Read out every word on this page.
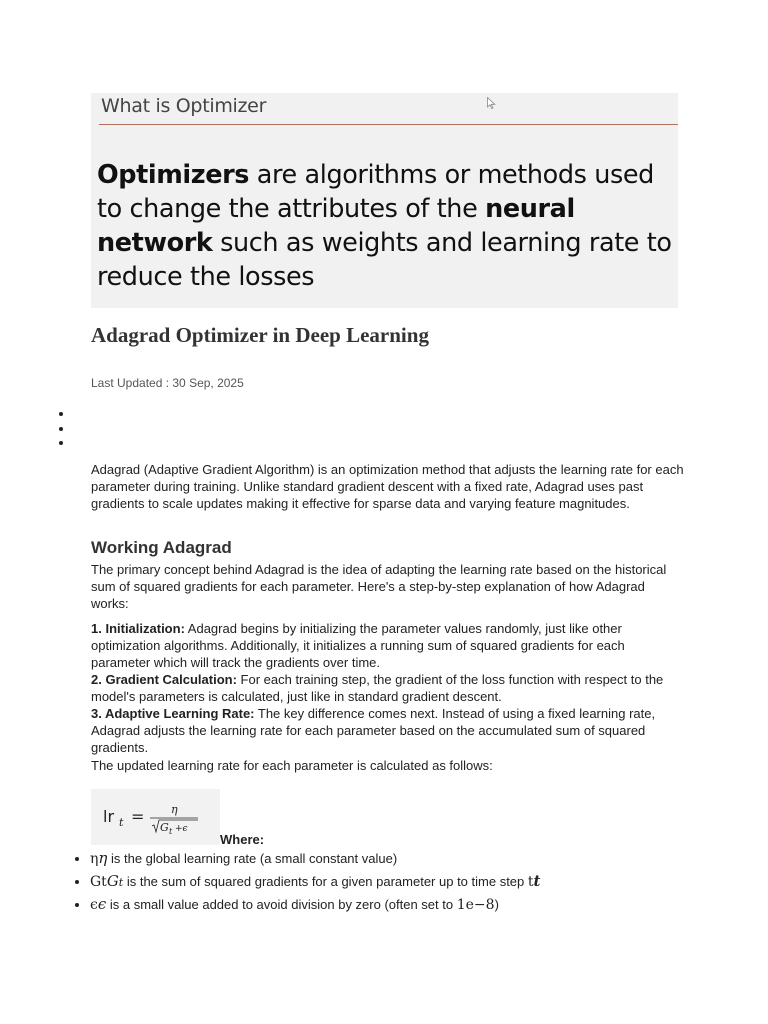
What is Optimizer
Optimizers are algorithms or methods used to change the attributes of the neural network such as weights and learning rate to reduce the losses
Adagrad Optimizer in Deep Learning
Last Updated : 30 Sep, 2025
Adagrad (Adaptive Gradient Algorithm) is an optimization method that adjusts the learning rate for each parameter during training. Unlike standard gradient descent with a fixed rate, Adagrad uses past gradients to scale updates making it effective for sparse data and varying feature magnitudes.
Working Adagrad
The primary concept behind Adagrad is the idea of adapting the learning rate based on the historical sum of squared gradients for each parameter. Here's a step-by-step explanation of how Adagrad works:
1. Initialization: Adagrad begins by initializing the parameter values randomly, just like other optimization algorithms. Additionally, it initializes a running sum of squared gradients for each parameter which will track the gradients over time.
2. Gradient Calculation: For each training step, the gradient of the loss function with respect to the model's parameters is calculated, just like in standard gradient descent.
3. Adaptive Learning Rate: The key difference comes next. Instead of using a fixed learning rate, Adagrad adjusts the learning rate for each parameter based on the accumulated sum of squared gradients.
The updated learning rate for each parameter is calculated as follows:
lr t = η
G t +ϵ
Where:
• ηη is the global learning rate (a small constant value)
• GtGt is the sum of squared gradients for a given parameter up to time step tt
• ϵϵ is a small value added to avoid division by zero (often set to 1e−8)
